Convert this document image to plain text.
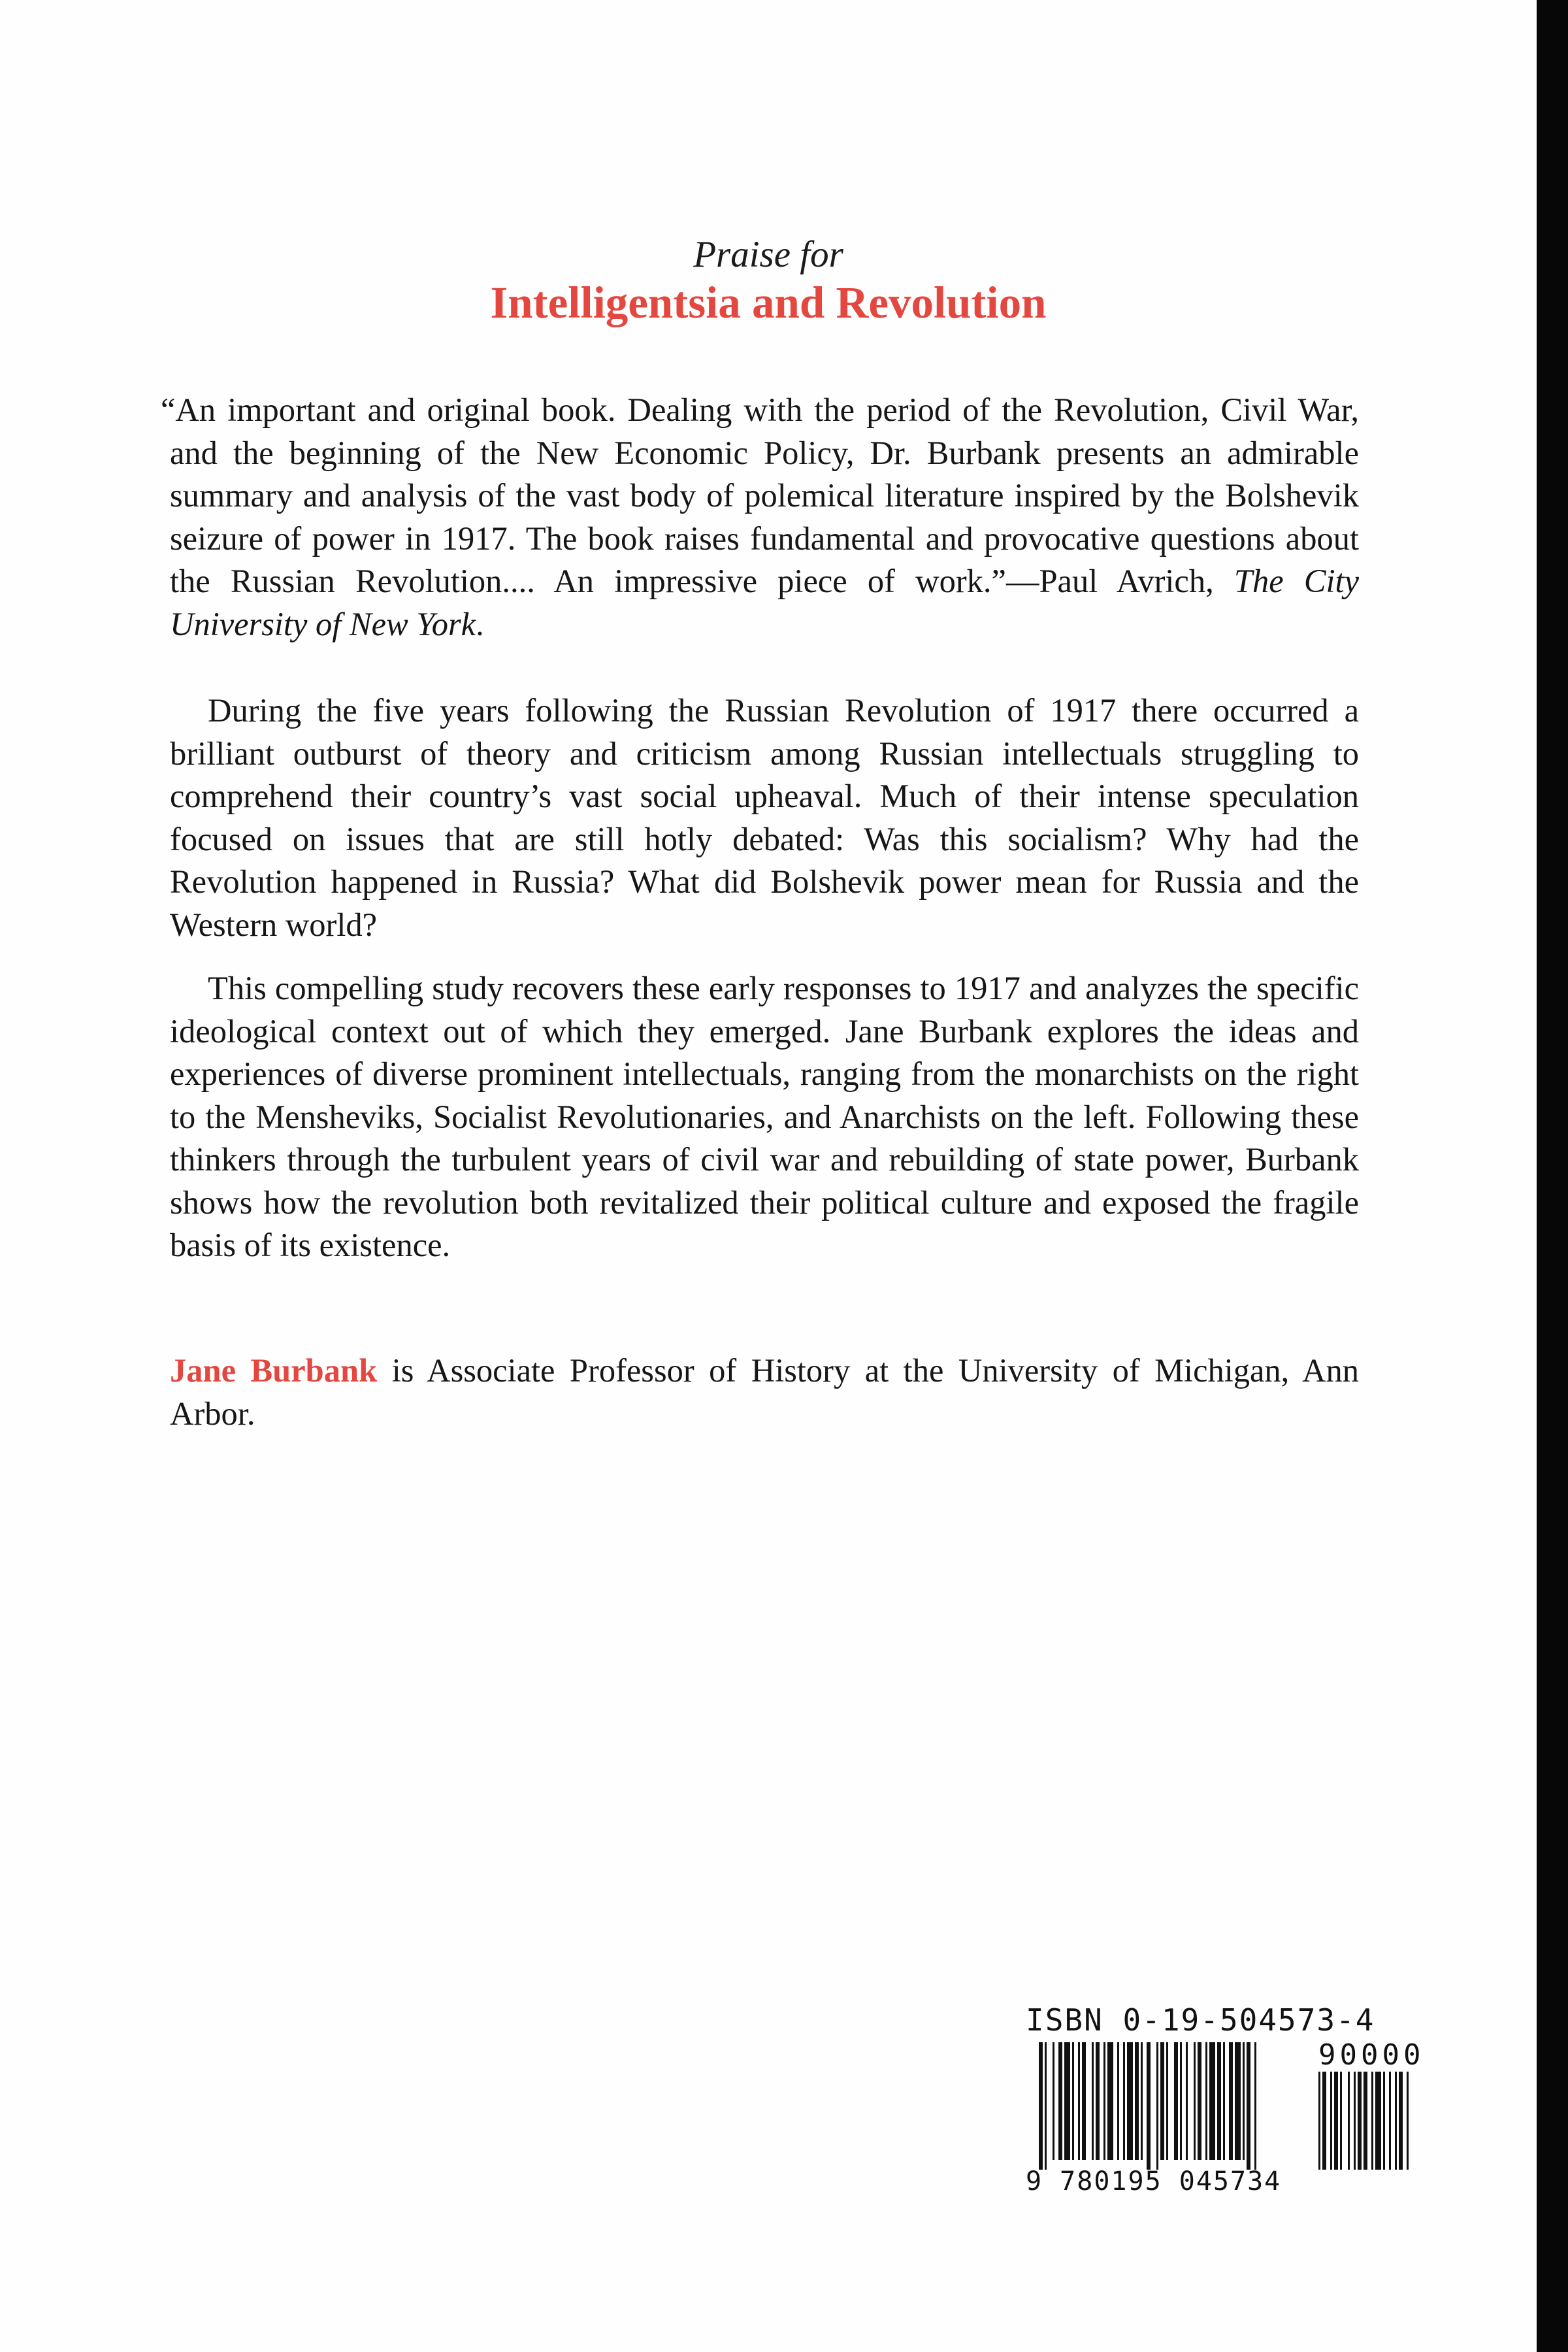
Praise for
Intelligentsia and Revolution

“An important and original book. Dealing with the period of the Revolution, Civil War, and the beginning of the New Economic Policy, Dr. Burbank presents an admirable summary and analysis of the vast body of polemical literature inspired by the Bolshevik seizure of power in 1917. The book raises fundamental and provocative questions about the Russian Revolution.... An impressive piece of work.”—Paul Avrich, The City University of New York.

During the five years following the Russian Revolution of 1917 there occurred a brilliant outburst of theory and criticism among Russian intellectuals struggling to comprehend their country’s vast social upheaval. Much of their intense speculation focused on issues that are still hotly debated: Was this socialism? Why had the Revolution happened in Russia? What did Bolshevik power mean for Russia and the Western world?

This compelling study recovers these early responses to 1917 and analyzes the specific ideological context out of which they emerged. Jane Burbank explores the ideas and experiences of diverse prominent intellectuals, ranging from the monarchists on the right to the Mensheviks, Socialist Revolutionaries, and Anarchists on the left. Following these thinkers through the turbulent years of civil war and rebuilding of state power, Burbank shows how the revolution both revitalized their political culture and exposed the fragile basis of its existence.

Jane Burbank is Associate Professor of History at the University of Michigan, Ann Arbor.

ISBN 0-19-504573-4
90000
9 780195 045734
